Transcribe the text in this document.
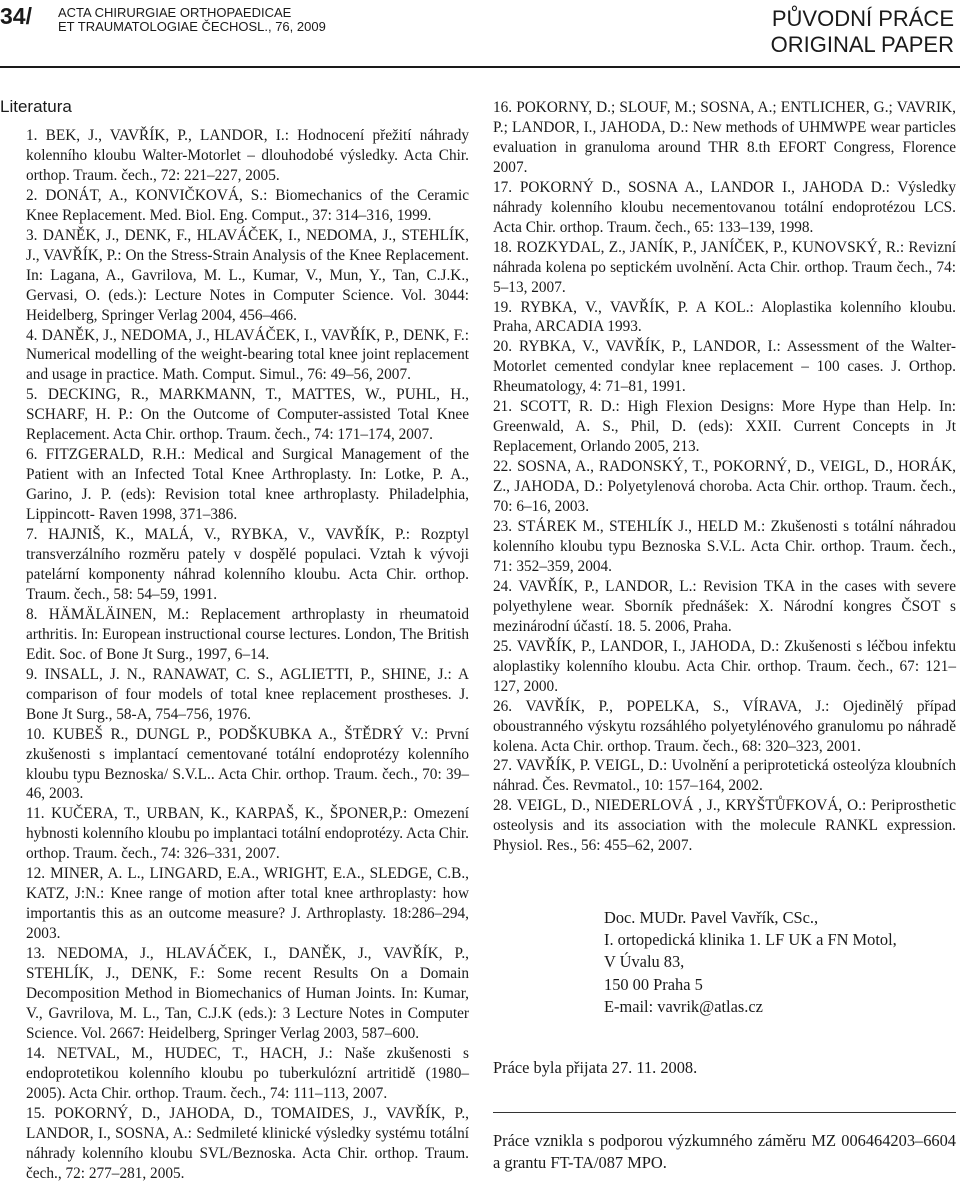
34/ ACTA CHIRURGIAE ORTHOPAEDICAE
ET TRAUMATOLOGIAE ČECHOSL., 76, 2009	PŮVODNÍ PRÁCE
ORIGINAL PAPER
Literatura
1. BEK, J., VAVŘÍK, P., LANDOR, I.: Hodnocení přežití náhrady kolenního kloubu Walter-Motorlet – dlouhodobé výsledky. Acta Chir. orthop. Traum. čech., 72: 221–227, 2005.
2. DONÁT, A., KONVIČKOVÁ, S.: Biomechanics of the Ceramic Knee Replacement. Med. Biol. Eng. Comput., 37: 314–316, 1999.
3. DANĚK, J., DENK, F., HLAVÁČEK, I., NEDOMA, J., STEHLÍK, J., VAVŘÍK, P.: On the Stress-Strain Analysis of the Knee Replacement. In: Lagana, A., Gavrilova, M. L., Kumar, V., Mun, Y., Tan, C.J.K., Gervasi, O. (eds.): Lecture Notes in Computer Science. Vol. 3044: Heidelberg, Springer Verlag 2004, 456–466.
4. DANĚK, J., NEDOMA, J., HLAVÁČEK, I., VAVŘÍK, P., DENK, F.: Numerical modelling of the weight-bearing total knee joint replacement and usage in practice. Math. Comput. Simul., 76: 49–56, 2007.
5. DECKING, R., MARKMANN, T., MATTES, W., PUHL, H., SCHARF, H. P.: On the Outcome of Computer-assisted Total Knee Replacement. Acta Chir. orthop. Traum. čech., 74: 171–174, 2007.
6. FITZGERALD, R.H.: Medical and Surgical Management of the Patient with an Infected Total Knee Arthroplasty. In: Lotke, P. A., Garino, J. P. (eds): Revision total knee arthroplasty. Philadelphia, Lippincott- Raven 1998, 371–386.
7. HAJNIŠ, K., MALÁ, V., RYBKA, V., VAVŘÍK, P.: Rozptyl transverzálního rozměru pately v dospělé populaci. Vztah k vývoji patelární komponenty náhrad kolenního kloubu. Acta Chir. orthop. Traum. čech., 58: 54–59, 1991.
8. HÄMÄLÄINEN, M.: Replacement arthroplasty in rheumatoid arthritis. In: European instructional course lectures. London, The British Edit. Soc. of Bone Jt Surg., 1997, 6–14.
9. INSALL, J. N., RANAWAT, C. S., AGLIETTI, P., SHINE, J.: A comparison of four models of total knee replacement prostheses. J. Bone Jt Surg., 58-A, 754–756, 1976.
10. KUBEŠ R., DUNGL P., PODŠKUBKA A., ŠTĚDRÝ V.: První zkušenosti s implantací cementované totální endoprotézy kolenního kloubu typu Beznoska/ S.V.L.. Acta Chir. orthop. Traum. čech., 70: 39–46, 2003.
11. KUČERA, T., URBAN, K., KARPAŠ, K., ŠPONER,P.: Omezení hybnosti kolenního kloubu po implantaci totální endoprotézy. Acta Chir. orthop. Traum. čech., 74: 326–331, 2007.
12. MINER, A. L., LINGARD, E.A., WRIGHT, E.A., SLEDGE, C.B., KATZ, J:N.: Knee range of motion after total knee arthroplasty: how importantis this as an outcome measure? J. Arthroplasty. 18:286–294, 2003.
13. NEDOMA, J., HLAVÁČEK, I., DANĚK, J., VAVŘÍK, P., STEHLÍK, J., DENK, F.: Some recent Results On a Domain Decomposition Method in Biomechanics of Human Joints. In: Kumar, V., Gavrilova, M. L., Tan, C.J.K (eds.): 3 Lecture Notes in Computer Science. Vol. 2667: Heidelberg, Springer Verlag 2003, 587–600.
14. NETVAL, M., HUDEC, T., HACH, J.: Naše zkušenosti s endoprotetikou kolenního kloubu po tuberkulózní artritidě (1980–2005). Acta Chir. orthop. Traum. čech., 74: 111–113, 2007.
15. POKORNÝ, D., JAHODA, D., TOMAIDES, J., VAVŘÍK, P., LANDOR, I., SOSNA, A.: Sedmileté klinické výsledky systému totální náhrady kolenního kloubu SVL/Beznoska. Acta Chir. orthop. Traum. čech., 72: 277–281, 2005.
16. POKORNY, D.; SLOUF, M.; SOSNA, A.; ENTLICHER, G.; VAVRIK, P.; LANDOR, I., JAHODA, D.: New methods of UHMWPE wear particles evaluation in granuloma around THR 8.th EFORT Congress, Florence 2007.
17. POKORNÝ D., SOSNA A., LANDOR I., JAHODA D.: Výsledky náhrady kolenního kloubu necementovanou totální endoprotézou LCS. Acta Chir. orthop. Traum. čech., 65: 133–139, 1998.
18. ROZKYDAL, Z., JANÍK, P., JANÍČEK, P., KUNOVSKÝ, R.: Revizní náhrada kolena po septickém uvolnění. Acta Chir. orthop. Traum čech., 74: 5–13, 2007.
19. RYBKA, V., VAVŘÍK, P. A KOL.: Aloplastika kolenního kloubu. Praha, ARCADIA 1993.
20. RYBKA, V., VAVŘÍK, P., LANDOR, I.: Assessment of the Walter-Motorlet cemented condylar knee replacement – 100 cases. J. Orthop. Rheumatology, 4: 71–81, 1991.
21. SCOTT, R. D.: High Flexion Designs: More Hype than Help. In: Greenwald, A. S., Phil, D. (eds): XXII. Current Concepts in Jt Replacement, Orlando 2005, 213.
22. SOSNA, A., RADONSKÝ, T., POKORNÝ, D., VEIGL, D., HORÁK, Z., JAHODA, D.: Polyetylenová choroba. Acta Chir. orthop. Traum. čech., 70: 6–16, 2003.
23. STÁREK M., STEHLÍK J., HELD M.: Zkušenosti s totální náhradou kolenního kloubu typu Beznoska S.V.L. Acta Chir. orthop. Traum. čech., 71: 352–359, 2004.
24. VAVŘÍK, P., LANDOR, L.: Revision TKA in the cases with severe polyethylene wear. Sborník přednášek: X. Národní kongres ČSOT s mezinárodní účastí. 18. 5. 2006, Praha.
25. VAVŘÍK, P., LANDOR, I., JAHODA, D.: Zkušenosti s léčbou infektu aloplastiky kolenního kloubu. Acta Chir. orthop. Traum. čech., 67: 121–127, 2000.
26. VAVŘÍK, P., POPELKA, S., VÍRAVA, J.: Ojedinělý případ oboustranného výskytu rozsáhlého polyetylénového granulomu po náhradě kolena. Acta Chir. orthop. Traum. čech., 68: 320–323, 2001.
27. VAVŘÍK, P. VEIGL, D.: Uvolnění a periprotetická osteolýza kloubních náhrad. Čes. Revmatol., 10: 157–164, 2002.
28. VEIGL, D., NIEDERLOVÁ , J., KRYŠTŮFKOVÁ, O.: Periprosthetic osteolysis and its association with the molecule RANKL expression. Physiol. Res., 56: 455–62, 2007.
Doc. MUDr. Pavel Vavřík, CSc.,
I. ortopedická klinika 1. LF UK a FN Motol,
V Úvalu 83,
150 00 Praha 5
E-mail: vavrik@atlas.cz
Práce byla přijata 27. 11. 2008.
Práce vznikla s podporou výzkumného záměru MZ 006464203–6604 a grantu FT-TA/087 MPO.
